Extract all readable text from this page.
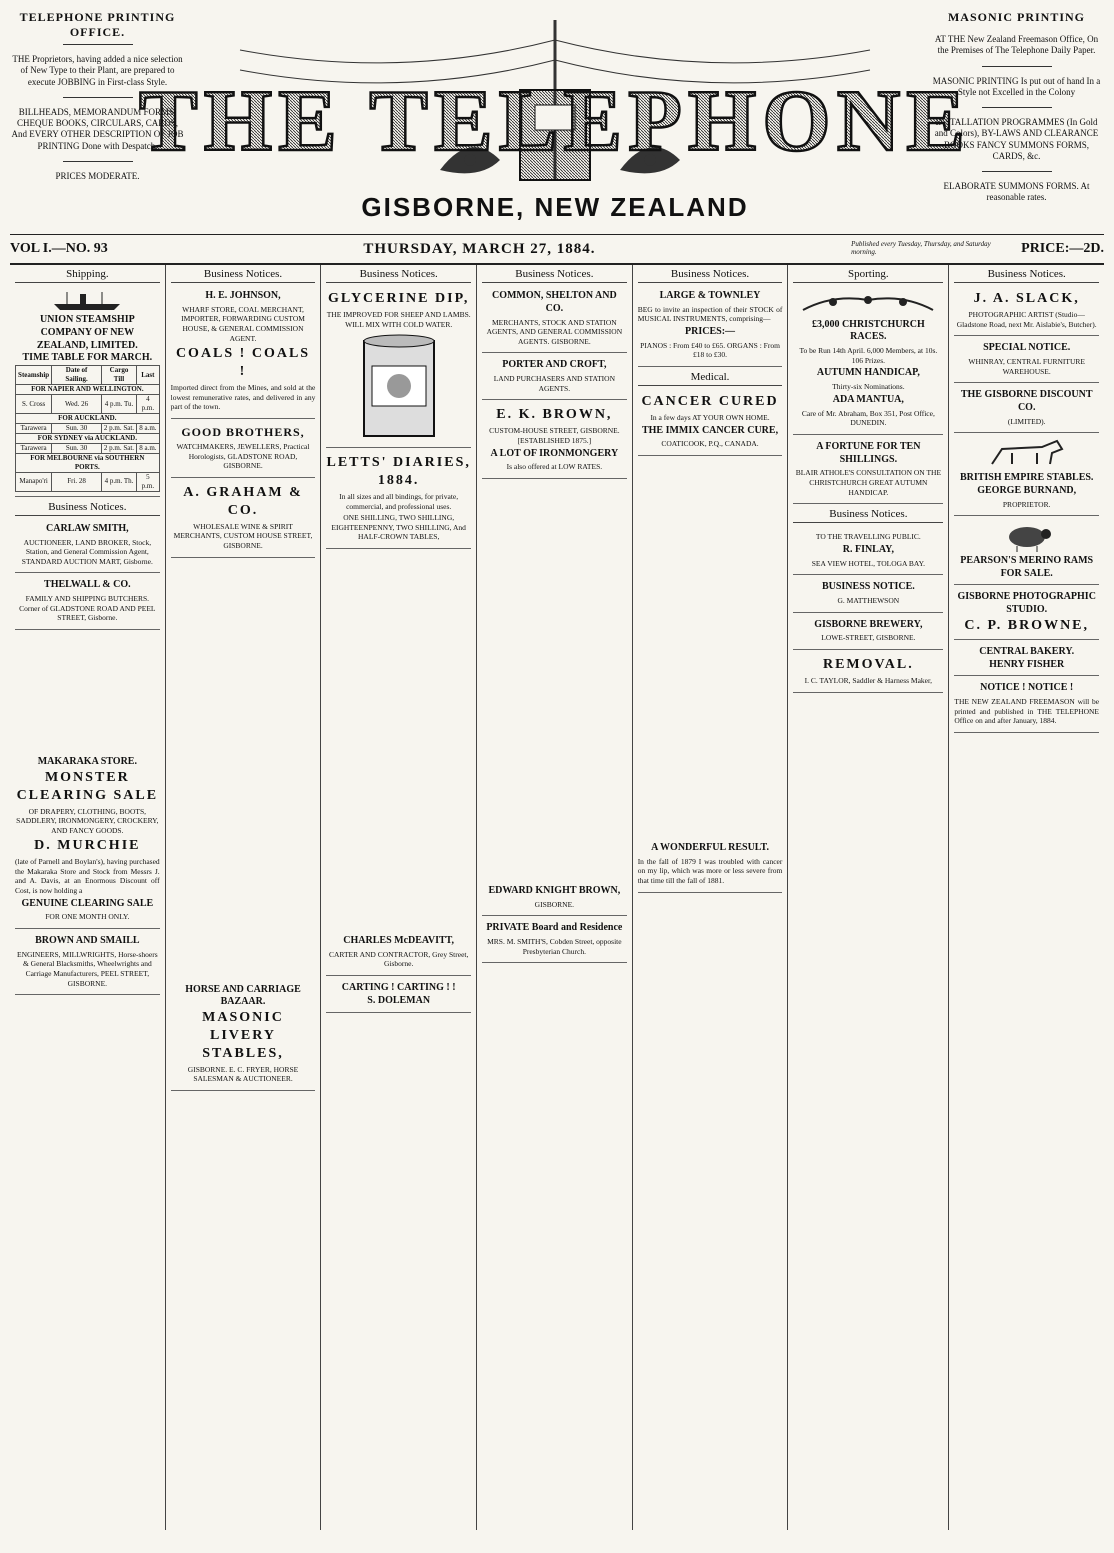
TELEPHONE PRINTING OFFICE.

THE Proprietors, having added a nice selection of New Type to their Plant, are prepared to execute JOBBING in First-class Style.

BILLHEADS, MEMORANDUM FORMS, CHEQUE BOOKS, CIRCULARS, CARDS, And EVERY OTHER DESCRIPTION OF JOB PRINTING Done with Despatch.

PRICES MODERATE.

THE TELEPHONE
GISBORNE, NEW ZEALAND
MASONIC PRINTING

AT THE New Zealand Freemason Office, On the Premises of The Telephone Daily Paper.

MASONIC PRINTING Is put out of hand In a Style not Excelled in the Colony

INSTALLATION PROGRAMMES (In Gold and Colors), BY-LAWS AND CLEARANCE BOOKS FANCY SUMMONS FORMS, CARDS, &c.

ELABORATE SUMMONS FORMS. At reasonable rates.

VOL I.—NO. 93	THURSDAY, MARCH 27, 1884.	Published every Tuesday, Thursday, and Saturday morning.	PRICE:—2D.
Shipping.
UNION STEAMSHIP COMPANY OF NEW ZEALAND, LIMITED.
TIME TABLE FOR MARCH.
Steamship	Date of Sailing.	Cargo Till	Last
FOR NAPIER AND WELLINGTON.			
S. Cross	Wed. 26	4 p.m. Tu.	4 p.m.
FOR AUCKLAND.			
Tarawera	Sun. 30	2 p.m. Sat.	8 a.m.
FOR SYDNEY via AUCKLAND.			
Tarawera	Sun. 30	2 p.m. Sat.	8 a.m.
FOR MELBOURNE via SOUTHERN PORTS.			
Manapo'ri	Fri. 28	4 p.m. Th.	5 p.m.
Business Notices.
CARLAW SMITH,

AUCTIONEER, LAND BROKER, Stock, Station, and General Commission Agent, STANDARD AUCTION MART, Gisborne.

THELWALL & CO.

FAMILY AND SHIPPING BUTCHERS. Corner of GLADSTONE ROAD AND PEEL STREET, Gisborne.

MAKARAKA STORE.
MONSTER CLEARING SALE

OF DRAPERY, CLOTHING, BOOTS, SADDLERY, IRONMONGERY, CROCKERY, AND FANCY GOODS.

D. MURCHIE

(late of Parnell and Boylan's), having purchased the Makaraka Store and Stock from Messrs J. and A. Davis, at an Enormous Discount off Cost, is now holding a

GENUINE CLEARING SALE

FOR ONE MONTH ONLY.

BROWN AND SMAILL

ENGINEERS, MILLWRIGHTS, Horse-shoers & General Blacksmiths, Wheelwrights and Carriage Manufacturers, PEEL STREET, GISBORNE.

Business Notices.
H. E. JOHNSON,

WHARF STORE, COAL MERCHANT, IMPORTER, FORWARDING CUSTOM HOUSE, & GENERAL COMMISSION AGENT.

COALS ! COALS !

Imported direct from the Mines, and sold at the lowest remunerative rates, and delivered in any part of the town.

GOOD BROTHERS,

WATCHMAKERS, JEWELLERS, Practical Horologists, GLADSTONE ROAD, GISBORNE.

A. GRAHAM & CO.

WHOLESALE WINE & SPIRIT MERCHANTS, CUSTOM HOUSE STREET, GISBORNE.

HORSE AND CARRIAGE BAZAAR.
MASONIC LIVERY STABLES,

GISBORNE. E. C. FRYER, HORSE SALESMAN & AUCTIONEER.

Business Notices.
GLYCERINE DIP,

THE IMPROVED FOR SHEEP AND LAMBS. WILL MIX WITH COLD WATER.

LETTS' DIARIES, 1884.

In all sizes and all bindings, for private, commercial, and professional uses.

ONE SHILLING, TWO SHILLING, EIGHTEENPENNY, TWO SHILLING, And HALF-CROWN TABLES,

CHARLES McDEAVITT,

CARTER AND CONTRACTOR, Grey Street, Gisborne.

CARTING ! CARTING ! !
S. DOLEMAN
Business Notices.
COMMON, SHELTON AND CO.

MERCHANTS, STOCK AND STATION AGENTS, AND GENERAL COMMISSION AGENTS. GISBORNE.

PORTER AND CROFT,

LAND PURCHASERS AND STATION AGENTS.

E. K. BROWN,

CUSTOM-HOUSE STREET, GISBORNE. [ESTABLISHED 1875.]

A LOT OF IRONMONGERY

Is also offered at LOW RATES.

EDWARD KNIGHT BROWN,

GISBORNE.

PRIVATE Board and Residence

MRS. M. SMITH'S, Cobden Street, opposite Presbyterian Church.

Business Notices.
LARGE & TOWNLEY

BEG to invite an inspection of their STOCK of MUSICAL INSTRUMENTS, comprising—

PRICES:—

PIANOS : From £40 to £65. ORGANS : From £18 to £30.

Medical.
CANCER CURED

In a few days AT YOUR OWN HOME.

THE IMMIX CANCER CURE,

COATICOOK, P.Q., CANADA.

A WONDERFUL RESULT.

In the fall of 1879 I was troubled with cancer on my lip, which was more or less severe from that time till the fall of 1881.

Sporting.
£3,000 CHRISTCHURCH RACES.

To be Run 14th April. 6,000 Members, at 10s. 106 Prizes.

AUTUMN HANDICAP,

Thirty-six Nominations.

ADA MANTUA,

Care of Mr. Abraham, Box 351, Post Office, DUNEDIN.

A FORTUNE FOR TEN SHILLINGS.

BLAIR ATHOLE'S CONSULTATION ON THE CHRISTCHURCH GREAT AUTUMN HANDICAP.

Business Notices.

TO THE TRAVELLING PUBLIC.

R. FINLAY,

SEA VIEW HOTEL, TOLOGA BAY.

BUSINESS NOTICE.

G. MATTHEWSON

GISBORNE BREWERY,

LOWE-STREET, GISBORNE.

REMOVAL.

I. C. TAYLOR, Saddler & Harness Maker,

Business Notices.
J. A. SLACK,

PHOTOGRAPHIC ARTIST (Studio—Gladstone Road, next Mr. Aislabie's, Butcher).

SPECIAL NOTICE.

WHINRAY, CENTRAL FURNITURE WAREHOUSE.

THE GISBORNE DISCOUNT CO.

(LIMITED).

BRITISH EMPIRE STABLES.
GEORGE BURNAND,

PROPRIETOR.

PEARSON'S MERINO RAMS FOR SALE.
GISBORNE PHOTOGRAPHIC STUDIO.
C. P. BROWNE,
CENTRAL BAKERY.
HENRY FISHER
NOTICE ! NOTICE !

THE NEW ZEALAND FREEMASON will be printed and published in THE TELEPHONE Office on and after January, 1884.
